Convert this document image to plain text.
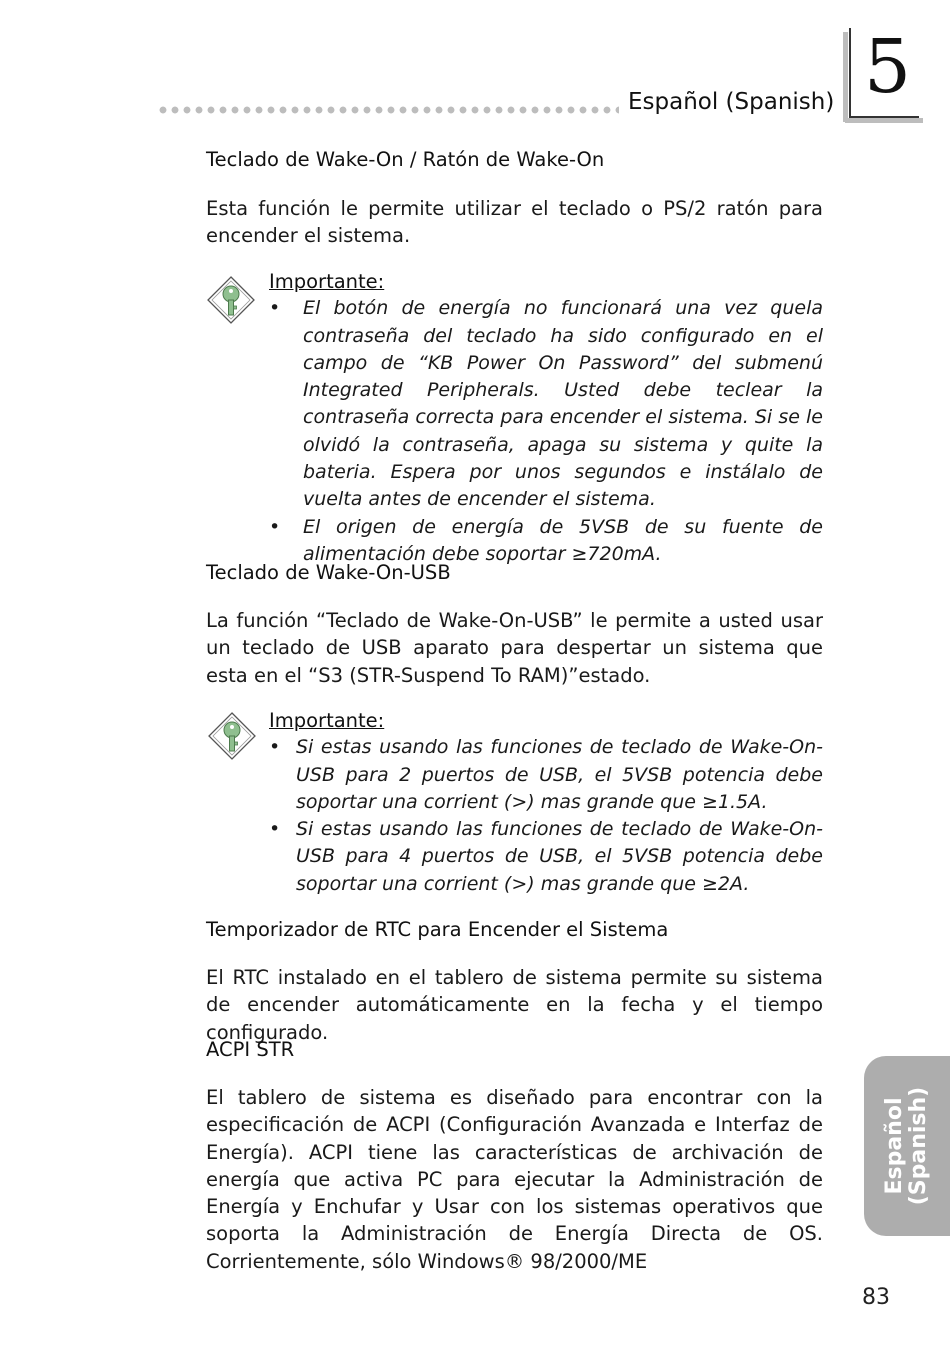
Español (Spanish) 5
Teclado de Wake-On / Ratón de Wake-On
Esta función le permite utilizar el teclado o PS/2 ratón para encender el sistema.
Importante:
• El botón de energía no funcionará una vez quela contraseña del teclado ha sido configurado en el campo de “KB Power On Password” del submenú Integrated Peripherals. Usted debe teclear la contraseña correcta para encender el sistema. Si se le olvidó la contraseña, apaga su sistema y quite la bateria. Espera por unos segundos e instálalo de vuelta antes de encender el sistema.
• El origen de energía de 5VSB de su fuente de alimentación debe soportar ≥720mA.
Teclado de Wake-On-USB
La función “Teclado de Wake-On-USB” le permite a usted usar un teclado de USB aparato para despertar un sistema que esta en el “S3 (STR-Suspend To RAM)”estado.
Importante:
• Si estas usando las funciones de teclado de Wake-On-USB para 2 puertos de USB, el 5VSB potencia debe soportar una corrient (>) mas grande que ≥1.5A.
• Si estas usando las funciones de teclado de Wake-On-USB para 4 puertos de USB, el 5VSB potencia debe soportar una corrient (>) mas grande que ≥2A.
Temporizador de RTC para Encender el Sistema
El RTC instalado en el tablero de sistema permite su sistema de encender automáticamente en la fecha y el tiempo configurado.
ACPI STR
El tablero de sistema es diseñado para encontrar con la especificación de ACPI (Configuración Avanzada e Interfaz de Energía). ACPI tiene las características de archivación de energía que activa PC para ejecutar la Administración de Energía y Enchufar y Usar con los sistemas operativos que soporta la Administración de Energía Directa de OS. Corrientemente, sólo Windows® 98/2000/ME
Español (Spanish)
83
